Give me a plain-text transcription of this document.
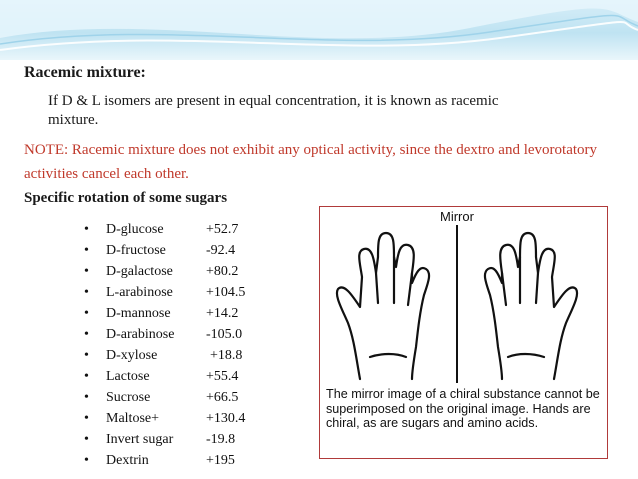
Racemic mixture:
If D & L isomers are present in equal concentration, it is known as racemic mixture.
NOTE: Racemic mixture does not exhibit any optical activity, since the dextro and levorotatory activities cancel each other.
Specific rotation of some sugars
• D-glucose	+52.7
• D-fructose	-92.4
• D-galactose +80.2
• L-arabinose +104.5
• D-mannose	+14.2
• D-arabinose -105.0
• D-xylose	+18.8
• Lactose	+55.4
• Sucrose	+66.5
• Maltose+	+130.4
• Invert sugar -19.8
• Dextrin	+195
Mirror
The mirror image of a chiral substance cannot be superimposed on the original image. Hands are chiral, as are sugars and amino acids.
